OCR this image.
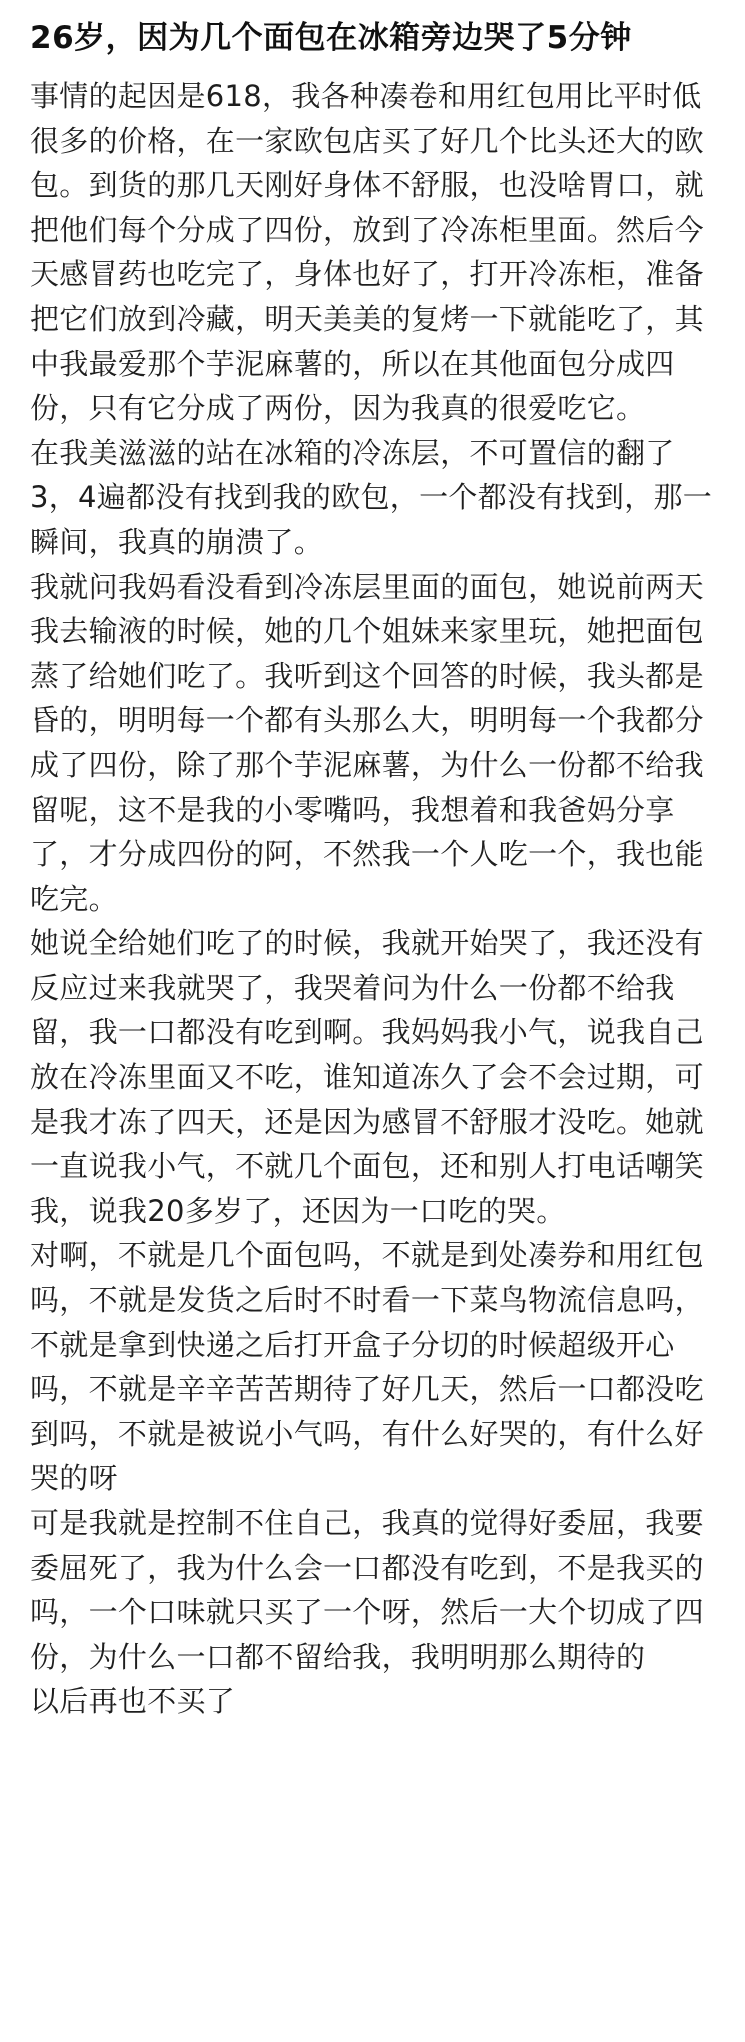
26岁，因为几个面包在冰箱旁边哭了5分钟

事情的起因是618，我各种凑卷和用红包用比平时低很多的价格，在一家欧包店买了好几个比头还大的欧包。到货的那几天刚好身体不舒服，也没啥胃口，就把他们每个分成了四份，放到了冷冻柜里面。然后今天感冒药也吃完了，身体也好了，打开冷冻柜，准备把它们放到冷藏，明天美美的复烤一下就能吃了，其中我最爱那个芋泥麻薯的，所以在其他面包分成四份，只有它分成了两份，因为我真的很爱吃它。

在我美滋滋的站在冰箱的冷冻层，不可置信的翻了3，4遍都没有找到我的欧包，一个都没有找到，那一瞬间，我真的崩溃了。

我就问我妈看没看到冷冻层里面的面包，她说前两天我去输液的时候，她的几个姐妹来家里玩，她把面包蒸了给她们吃了。我听到这个回答的时候，我头都是昏的，明明每一个都有头那么大，明明每一个我都分成了四份，除了那个芋泥麻薯，为什么一份都不给我留呢，这不是我的小零嘴吗，我想着和我爸妈分享了，才分成四份的阿，不然我一个人吃一个，我也能吃完。

她说全给她们吃了的时候，我就开始哭了，我还没有反应过来我就哭了，我哭着问为什么一份都不给我留，我一口都没有吃到啊。我妈妈我小气，说我自己放在冷冻里面又不吃，谁知道冻久了会不会过期，可是我才冻了四天，还是因为感冒不舒服才没吃。她就一直说我小气，不就几个面包，还和别人打电话嘲笑我，说我20多岁了，还因为一口吃的哭。

对啊，不就是几个面包吗，不就是到处凑券和用红包吗，不就是发货之后时不时看一下菜鸟物流信息吗，不就是拿到快递之后打开盒子分切的时候超级开心吗，不就是辛辛苦苦期待了好几天，然后一口都没吃到吗，不就是被说小气吗，有什么好哭的，有什么好哭的呀

可是我就是控制不住自己，我真的觉得好委屈，我要委屈死了，我为什么会一口都没有吃到，不是我买的吗，一个口味就只买了一个呀，然后一大个切成了四份，为什么一口都不留给我，我明明那么期待的

以后再也不买了
